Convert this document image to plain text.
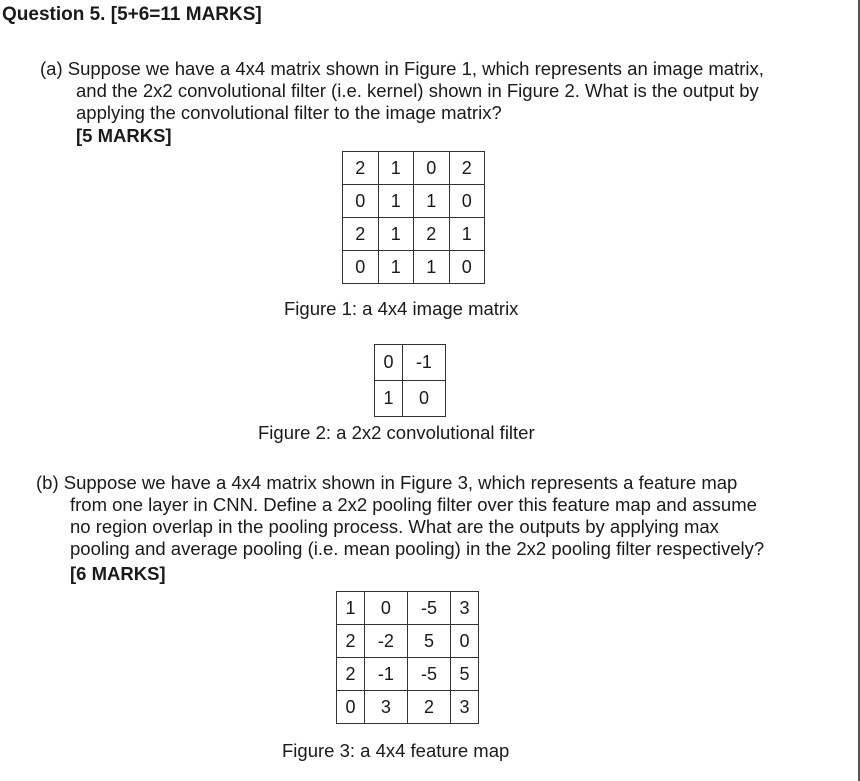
Question 5. [5+6=11 MARKS]
(a) Suppose we have a 4x4 matrix shown in Figure 1, which represents an image matrix,
and the 2x2 convolutional filter (i.e. kernel) shown in Figure 2. What is the output by
applying the convolutional filter to the image matrix?
[5 MARKS]
2	1	0	2
0	1	1	0
2	1	2	1
0	1	1	0
Figure 1: a 4x4 image matrix
0	-1
1	0
Figure 2: a 2x2 convolutional filter
(b) Suppose we have a 4x4 matrix shown in Figure 3, which represents a feature map
from one layer in CNN. Define a 2x2 pooling filter over this feature map and assume
no region overlap in the pooling process. What are the outputs by applying max
pooling and average pooling (i.e. mean pooling) in the 2x2 pooling filter respectively?
[6 MARKS]
1	0	-5	3
2	-2	5	0
2	-1	-5	5
0	3	2	3
Figure 3: a 4x4 feature map
